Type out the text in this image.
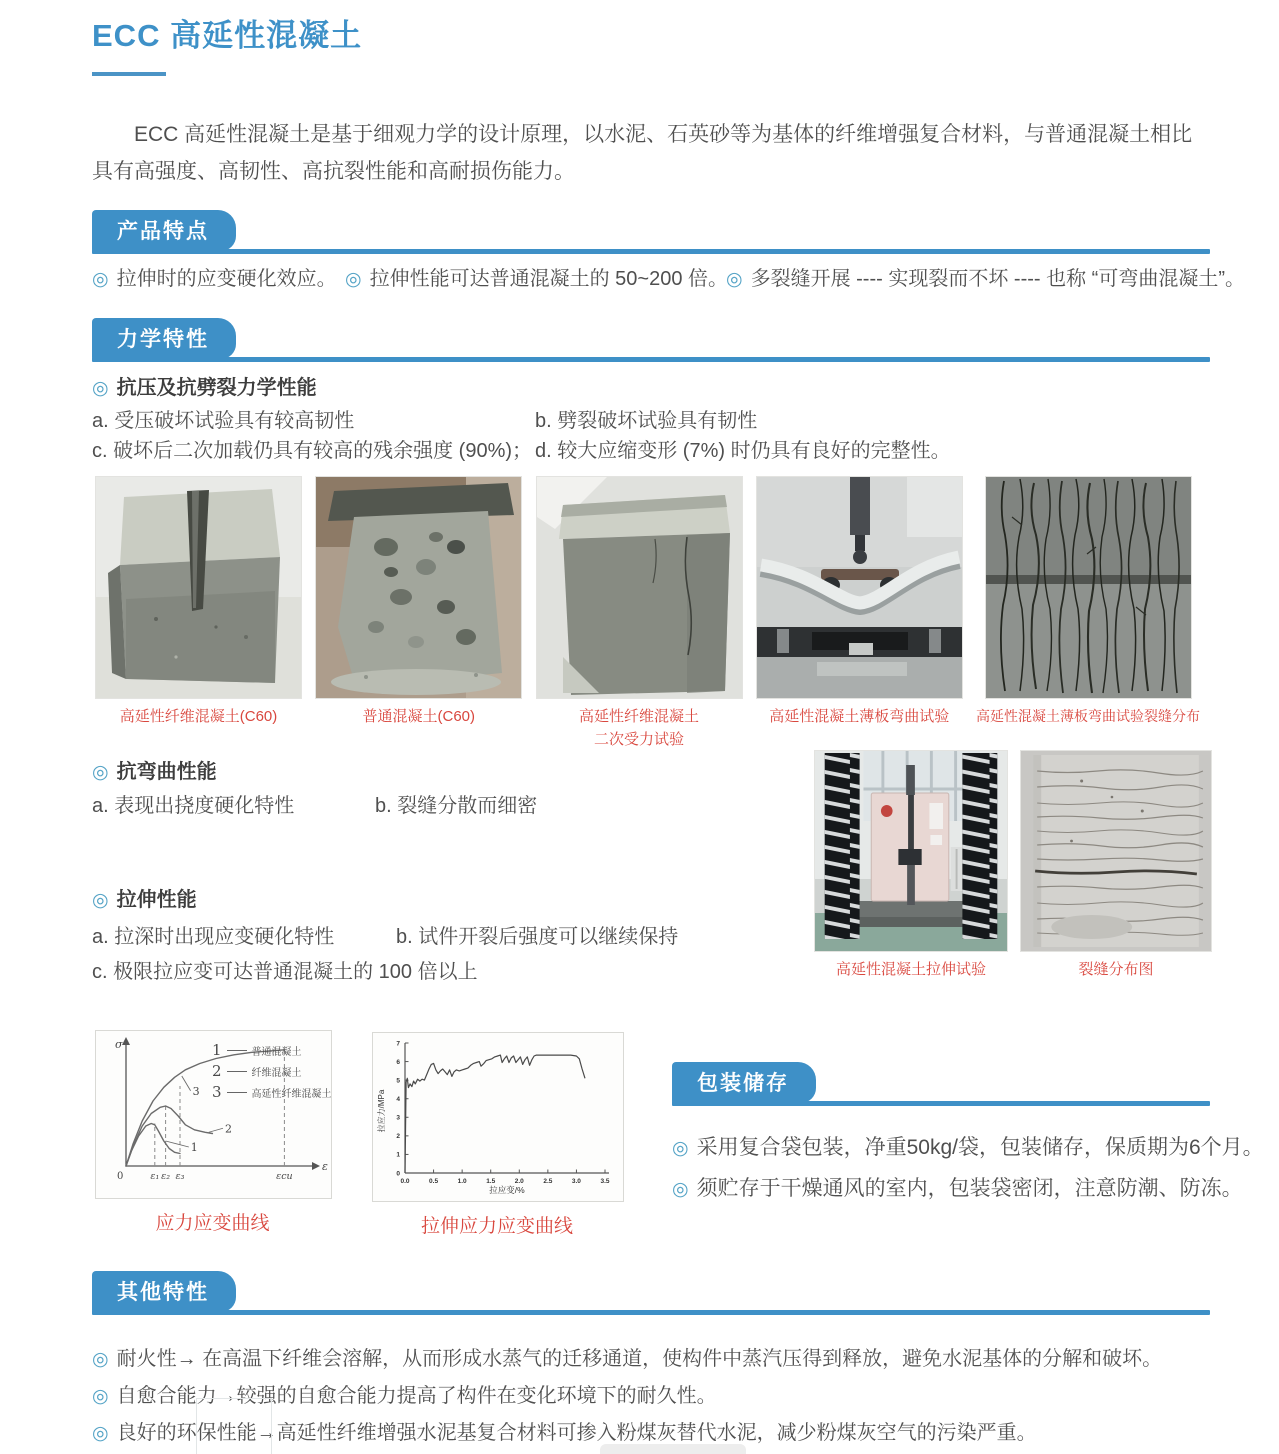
ECC 高延性混凝土
ECC 高延性混凝土是基于细观力学的设计原理，以水泥、石英砂等为基体的纤维增强复合材料，与普通混凝土相比具有高强度、高韧性、高抗裂性能和高耐损伤能力。
产品特点
◎ 拉伸时的应变硬化效应。 ◎ 拉伸性能可达普通混凝土的 50~200 倍。
◎ 多裂缝开展 ---- 实现裂而不坏 ---- 也称 “可弯曲混凝土”。
力学特性
◎ 抗压及抗劈裂力学性能
a. 受压破坏试验具有较高韧性	b. 劈裂破坏试验具有韧性
c. 破坏后二次加载仍具有较高的残余强度 (90%)； d. 较大应缩变形 (7%) 时仍具有良好的完整性。
高延性纤维混凝土(C60)	普通混凝土(C60)	高延性纤维混凝土
二次受力试验
高延性混凝土薄板弯曲试验 高延性混凝土薄板弯曲试验裂缝分布
◎ 抗弯曲性能
a. 表现出挠度硬化特性	b. 裂缝分散而细密
高延性混凝土拉伸试验	裂缝分布图
◎ 拉伸性能
a. 拉深时出现应变硬化特性	b. 试件开裂后强度可以继续保持
c. 极限拉应变可达普通混凝土的 100 倍以上
σ
ε
0	ε₁ ε₂ ε₃	εcu
1
2
3
1	普通混凝土
2	纤维混凝土
3	高延性纤维混凝土
应力应变曲线
拉应力/MPa
拉应变/%
0.0	0.5	1.0	1.5	2.0	2.5	3.0	3.5
0
1
2
3
4
5
6
7
拉伸应力应变曲线
包装储存
◎ 采用复合袋包装，净重50kg/袋，包装储存，保质期为6个月。
◎ 须贮存于干燥通风的室内，包装袋密闭，注意防潮、防冻。
其他特性
◎ 耐火性→ 在高温下纤维会溶解，从而形成水蒸气的迁移通道，使构件中蒸汽压得到释放，避免水泥基体的分解和破坏。
◎ 自愈合能力→较强的自愈合能力提高了构件在变化环境下的耐久性。
◎ 良好的环保性能→高延性纤维增强水泥基复合材料可掺入粉煤灰替代水泥，减少粉煤灰空气的污染严重。
